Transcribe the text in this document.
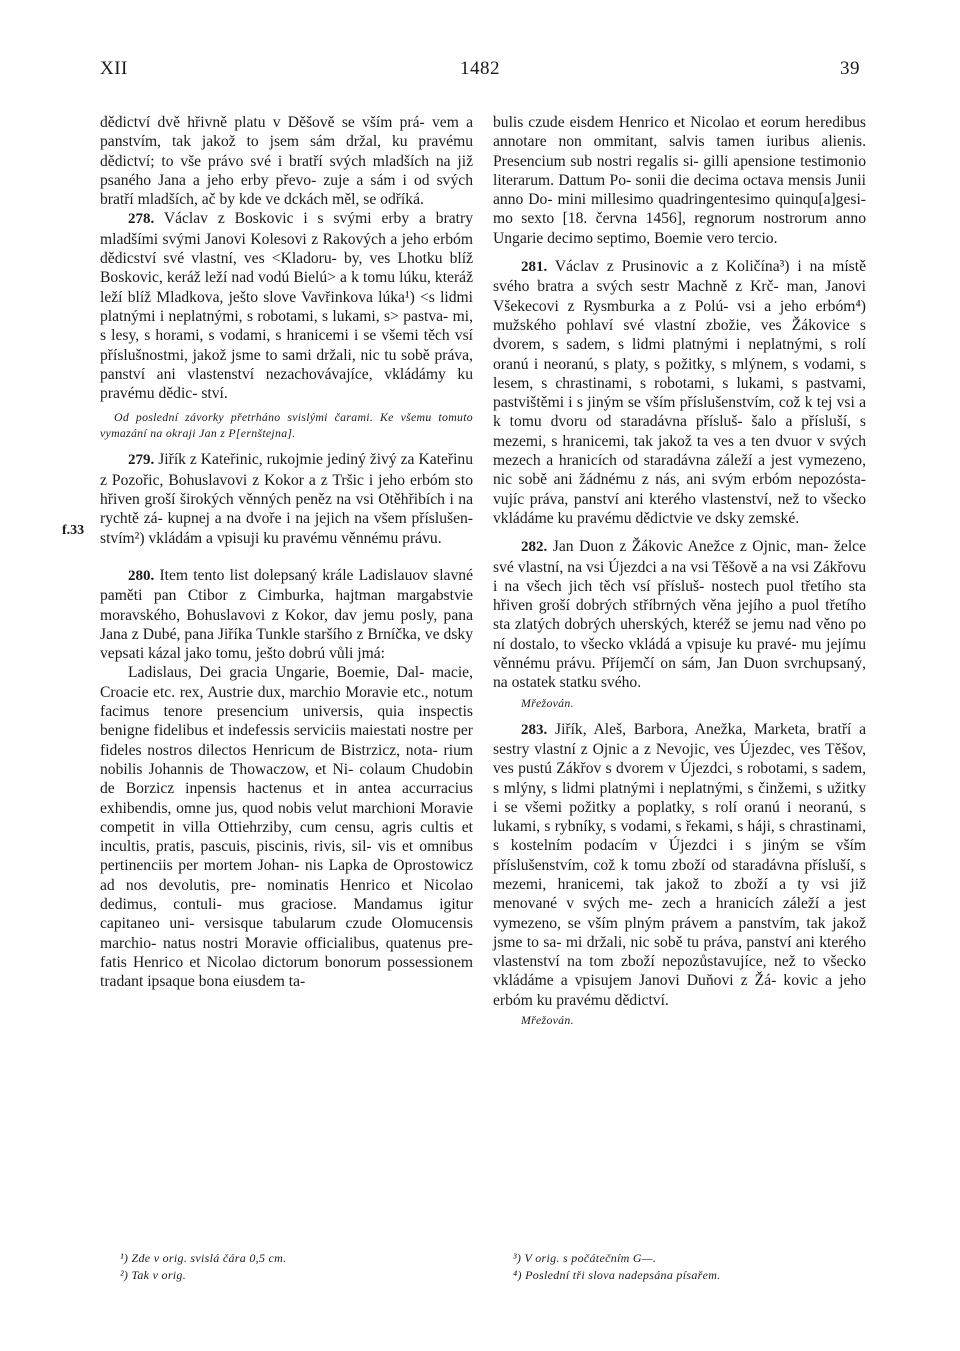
XII	1482	39
f.33

dědictví dvě hřivně platu v Děšově se vším prá- vem a panstvím, tak jakož to jsem sám držal, ku pravému dědictví; to vše právo své i bratří svých mladších na již psaného Jana a jeho erby převo- zuje a sám i od svých bratří mladších, ač by kde ve dckách měl, se odříká.

278. Václav z Boskovic i s svými erby a bratry mladšími svými Janovi Kolesovi z Rakových a jeho erbóm dědicství své vlastní, ves <Kladoru- by, ves Lhotku blíž Boskovic, keráž leží nad vodú Bielú> a k tomu lúku, kteráž leží blíž Mladkova, ješto slove Vavřinkova lúka¹) <s lidmi platnými i neplatnými, s robotami, s lukami, s> pastva- mi, s lesy, s horami, s vodami, s hranicemi i se všemi těch vsí příslušnostmi, jakož jsme to sami držali, nic tu sobě práva, panství ani vlastenství nezachovávajíce, vkládámy ku pravému dědic- ství.

Od poslední závorky přetrháno svislými čarami. Ke všemu tomuto vymazání na okraji Jan z P[ernštejna].

279. Jiřík z Kateřinic, rukojmie jediný živý za Kateřinu z Pozořic, Bohuslavovi z Kokor a z Tršic i jeho erbóm sto hřiven groší širokých věnných peněz na vsi Otěhřibích i na rychtě zá- kupnej a na dvoře i na jejich na všem příslušen- stvím²) vkládám a vpisuji ku pravému věnnému právu.

280. Item tento list dolepsaný krále Ladislauov slavné paměti pan Ctibor z Cimburka, hajtman margabstvie moravského, Bohuslavovi z Kokor, dav jemu posly, pana Jana z Dubé, pana Jiříka Tunkle staršího z Brníčka, ve dsky vepsati kázal jako tomu, ješto dobrú vůli jmá:

Ladislaus, Dei gracia Ungarie, Boemie, Dal- macie, Croacie etc. rex, Austrie dux, marchio Moravie etc., notum facimus tenore presencium universis, quia inspectis benigne fidelibus et indefessis serviciis maiestati nostre per fideles nostros dilectos Henricum de Bistrzicz, nota- rium nobilis Johannis de Thowaczow, et Ni- colaum Chudobin de Borzicz inpensis hactenus et in antea accurracius exhibendis, omne jus, quod nobis velut marchioni Moravie competit in villa Ottiehrziby, cum censu, agris cultis et incultis, pratis, pascuis, piscinis, rivis, sil- vis et omnibus pertinenciis per mortem Johan- nis Lapka de Oprostowicz ad nos devolutis, pre- nominatis Henrico et Nicolao dedimus, contuli- mus graciose. Mandamus igitur capitaneo uni- versisque tabularum czude Olomucensis marchio- natus nostri Moravie officialibus, quatenus pre- fatis Henrico et Nicolao dictorum bonorum possessionem tradant ipsaque bona eiusdem ta-

bulis czude eisdem Henrico et Nicolao et eorum heredibus annotare non ommitant, salvis tamen iuribus alienis. Presencium sub nostri regalis si- gilli apensione testimonio literarum. Dattum Po- sonii die decima octava mensis Junii anno Do- mini millesimo quadringentesimo quinqu[a]gesi- mo sexto [18. června 1456], regnorum nostrorum anno Ungarie decimo septimo, Boemie vero tercio.

281. Václav z Prusinovic a z Količína³) i na místě svého bratra a svých sestr Machně z Krč- man, Janovi Všekecovi z Rysmburka a z Polú- vsi a jeho erbóm⁴) mužského pohlaví své vlastní zbožie, ves Žákovice s dvorem, s sadem, s lidmi platnými i neplatnými, s rolí oranú i neoranú, s platy, s požitky, s mlýnem, s vodami, s lesem, s chrastinami, s robotami, s lukami, s pastvami, pastvištěmi i s jiným se vším příslušenstvím, což k tej vsi a k tomu dvoru od staradávna přísluš- šalo a přísluší, s mezemi, s hranicemi, tak jakož ta ves a ten dvuor v svých mezech a hranicích od staradávna záleží a jest vymezeno, nic sobě ani žádnému z nás, ani svým erbóm nepozósta- vujíc práva, panství ani kterého vlastenství, než to všecko vkládáme ku pravému dědictvie ve dsky zemské.

282. Jan Duon z Žákovic Anežce z Ojnic, man- želce své vlastní, na vsi Újezdci a na vsi Těšově a na vsi Zákřovu i na všech jich těch vsí přísluš- nostech puol třetího sta hřiven groší dobrých stříbrných věna jejího a puol třetího sta zlatých dobrých uherských, kteréž se jemu nad věno po ní dostalo, to všecko vkládá a vpisuje ku pravé- mu jejímu věnnému právu. Příjemčí on sám, Jan Duon svrchupsaný, na ostatek statku svého.

Mřežován.

283. Jiřík, Aleš, Barbora, Anežka, Marketa, bratří a sestry vlastní z Ojnic a z Nevojic, ves Újezdec, ves Těšov, ves pustú Zákřov s dvorem v Újezdci, s robotami, s sadem, s mlýny, s lidmi platnými i neplatnými, s činžemi, s užitky i se všemi požitky a poplatky, s rolí oranú i neoranú, s lukami, s rybníky, s vodami, s řekami, s háji, s chrastinami, s kostelním podacím v Újezdci i s jiným se vším příslušenstvím, což k tomu zboží od staradávna přísluší, s mezemi, hranicemi, tak jakož to zboží a ty vsi již menované v svých me- zech a hranicích záleží a jest vymezeno, se vším plným právem a panstvím, tak jakož jsme to sa- mi držali, nic sobě tu práva, panství ani kterého vlastenství na tom zboží nepozůstavujíce, než to všecko vkládáme a vpisujem Janovi Duňovi z Žá- kovic a jeho erbóm ku pravému dědictví.

Mřežován.

¹) Zde v orig. svislá čára 0,5 cm.

²) Tak v orig.

³) V orig. s počátečním G—.

⁴) Poslední tři slova nadepsána písařem.
